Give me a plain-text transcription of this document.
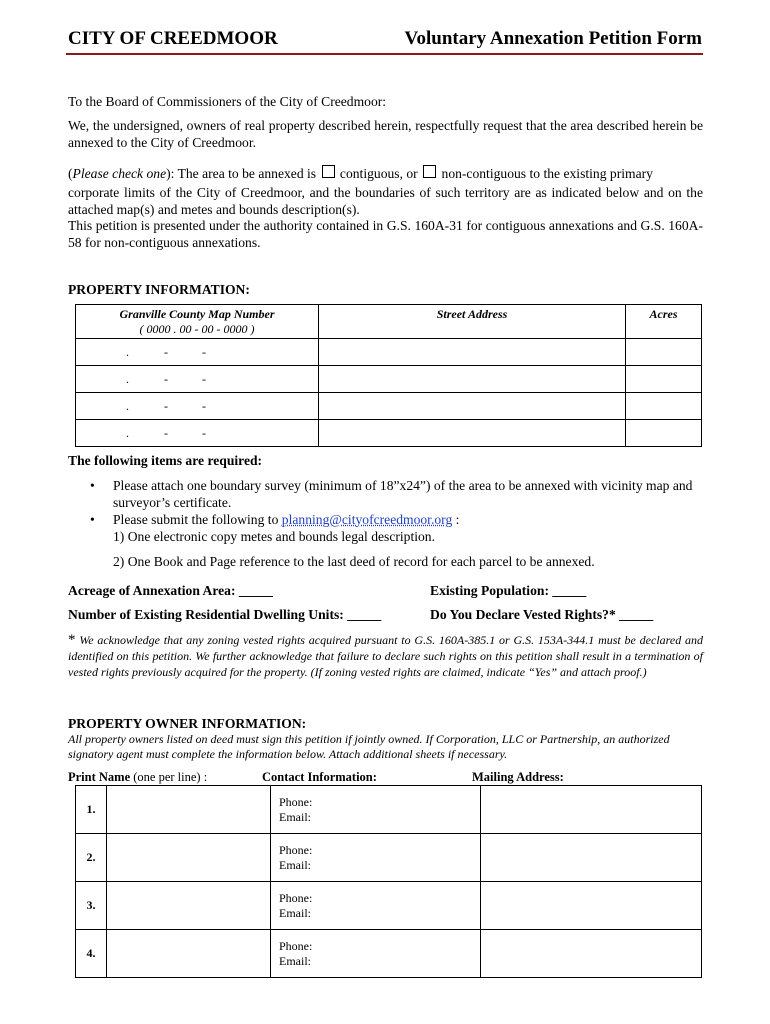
CITY OF CREEDMOOR	Voluntary Annexation Petition Form
To the Board of Commissioners of the City of Creedmoor:
We, the undersigned, owners of real property described herein, respectfully request that the area described herein be annexed to the City of Creedmoor.
(Please check one): The area to be annexed is contiguous, or non-contiguous to the existing primary
corporate limits of the City of Creedmoor, and the boundaries of such territory are as indicated below and on the attached map(s) and metes and bounds description(s).
This petition is presented under the authority contained in G.S. 160A-31 for contiguous annexations and G.S. 160A-58 for non-contiguous annexations.
PROPERTY INFORMATION:
Granville County Map Number
( 0000 . 00 - 00 - 0000 )	Street Address	Acres
. - -		
. - -		
. - -		
. - -		
The following items are required:
• Please attach one boundary survey (minimum of 18”x24”) of the area to be annexed with vicinity map and surveyor’s certificate.
• Please submit the following to planning@cityofcreedmoor.org :
1) One electronic copy metes and bounds legal description.
2) One Book and Page reference to the last deed of record for each parcel to be annexed.
Acreage of Annexation Area: _____	Existing Population: _____
Number of Existing Residential Dwelling Units: _____	Do You Declare Vested Rights?* _____
* We acknowledge that any zoning vested rights acquired pursuant to G.S. 160A-385.1 or G.S. 153A-344.1 must be declared and identified on this petition. We further acknowledge that failure to declare such rights on this petition shall result in a termination of vested rights previously acquired for the property. (If zoning vested rights are claimed, indicate “Yes” and attach proof.)
PROPERTY OWNER INFORMATION:
All property owners listed on deed must sign this petition if jointly owned. If Corporation, LLC or Partnership, an authorized signatory agent must complete the information below. Attach additional sheets if necessary.
Print Name (one per line) :	Contact Information:	Mailing Address:
1.		Phone:
Email:	

2.		Phone:
Email:	

3.		Phone:
Email:	

4.		Phone:
Email:	
